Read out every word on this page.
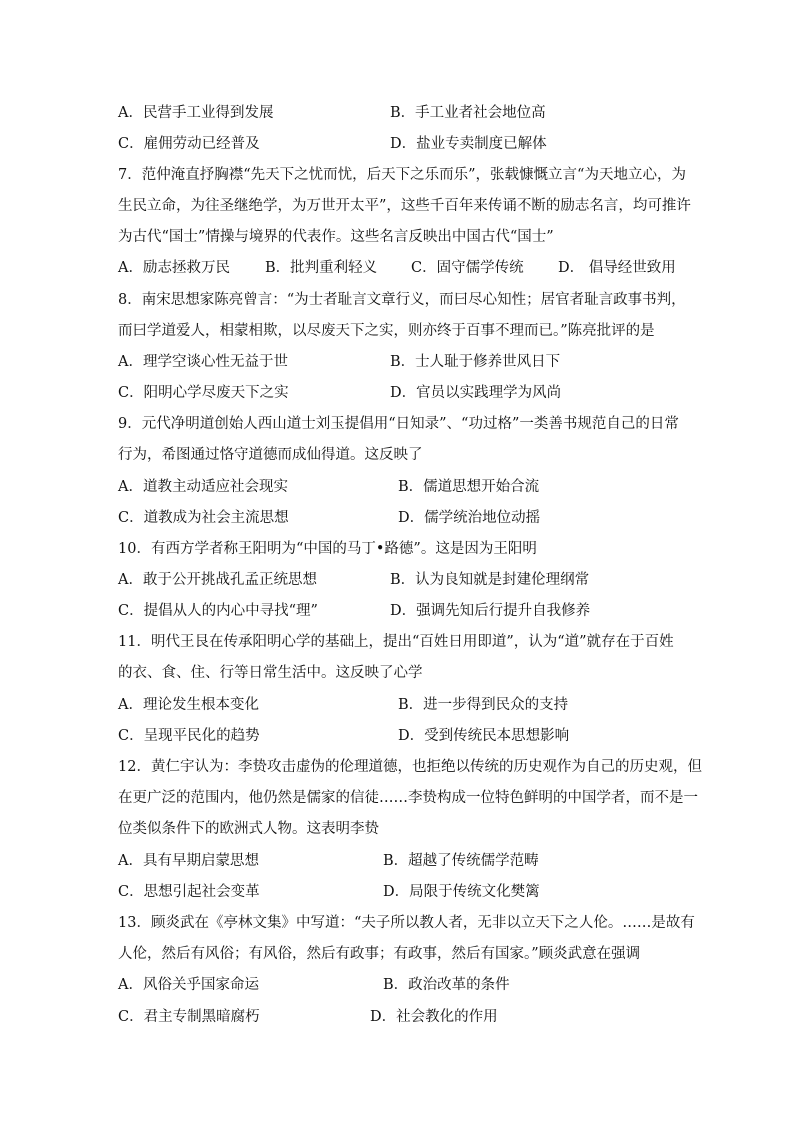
A．民营手工业得到发展	B．手工业者社会地位高
C．雇佣劳动已经普及	D．盐业专卖制度已解体
7．范仲淹直抒胸襟“先天下之忧而忧，后天下之乐而乐”，张载慷慨立言“为天地立心，为
生民立命，为往圣继绝学，为万世开太平”，这些千百年来传诵不断的励志名言，均可推许
为古代“国士”情操与境界的代表作。这些名言反映出中国古代“国士”
A．励志拯救万民 B．批判重利轻义 C．固守儒学传统 D． 倡导经世致用
8．南宋思想家陈亮曾言：“为士者耻言文章行义，而曰尽心知性；居官者耻言政事书判，
而曰学道爱人，相蒙相欺，以尽废天下之实，则亦终于百事不理而已。”陈亮批评的是
A．理学空谈心性无益于世	B．士人耻于修养世风日下
C．阳明心学尽废天下之实	D．官员以实践理学为风尚
9．元代净明道创始人西山道士刘玉提倡用“日知录”、“功过格”一类善书规范自己的日常
行为，希图通过恪守道德而成仙得道。这反映了
A．道教主动适应社会现实	B．儒道思想开始合流
C．道教成为社会主流思想	D．儒学统治地位动摇
10．有西方学者称王阳明为“中国的马丁•路德”。这是因为王阳明
A．敢于公开挑战孔孟正统思想	B．认为良知就是封建伦理纲常
C．提倡从人的内心中寻找“理”	D．强调先知后行提升自我修养
11．明代王艮在传承阳明心学的基础上，提出“百姓日用即道”，认为“道”就存在于百姓
的衣、食、住、行等日常生活中。这反映了心学
A．理论发生根本变化	B．进一步得到民众的支持
C．呈现平民化的趋势	D．受到传统民本思想影响
12．黄仁宇认为：李贽攻击虚伪的伦理道德，也拒绝以传统的历史观作为自己的历史观，但
在更广泛的范围内，他仍然是儒家的信徒……李贽构成一位特色鲜明的中国学者，而不是一
位类似条件下的欧洲式人物。这表明李贽
A．具有早期启蒙思想	B．超越了传统儒学范畴
C．思想引起社会变革	D．局限于传统文化樊篱
13．顾炎武在《亭林文集》中写道：“夫子所以教人者，无非以立天下之人伦。……是故有
人伦，然后有风俗；有风俗，然后有政事；有政事，然后有国家。”顾炎武意在强调
A．风俗关乎国家命运	B．政治改革的条件
C．君主专制黑暗腐朽	D．社会教化的作用
